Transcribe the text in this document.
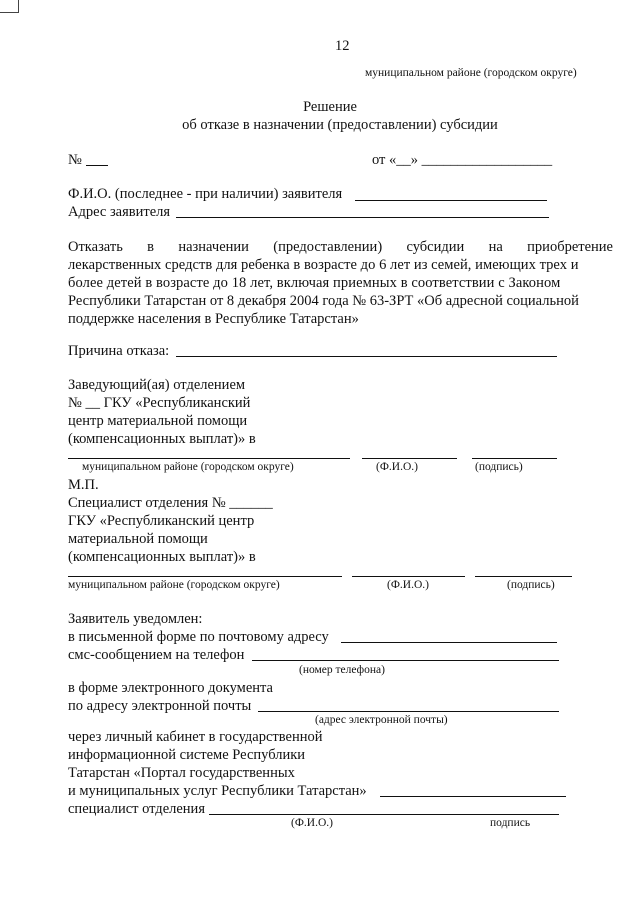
12
муниципальном районе (городском округе)
Решение
об отказе в назначении (предоставлении) субсидии
№	от «__» __________________
Ф.И.О. (последнее - при наличии) заявителя
Адрес заявителя
Отказать в назначении (предоставлении) субсидии на приобретение
лекарственных средств для ребенка в возрасте до 6 лет из семей, имеющих трех и
более детей в возрасте до 18 лет, включая приемных в соответствии с Законом
Республики Татарстан от 8 декабря 2004 года № 63-ЗРТ «Об адресной социальной
поддержке населения в Республике Татарстан»
Причина отказа:
Заведующий(ая) отделением
№ __ ГКУ «Республиканский
центр материальной помощи
(компенсационных выплат)» в
муниципальном районе (городском округе)	(Ф.И.О.)	(подпись)
М.П.
Специалист отделения № ______
ГКУ «Республиканский центр
материальной помощи
(компенсационных выплат)» в
муниципальном районе (городском округе)	(Ф.И.О.)	(подпись)
Заявитель уведомлен:
в письменной форме по почтовому адресу
смс-сообщением на телефон
(номер телефона)
в форме электронного документа
по адресу электронной почты
(адрес электронной почты)
через личный кабинет в государственной
информационной системе Республики
Татарстан «Портал государственных
и муниципальных услуг Республики Татарстан»
специалист отделения
(Ф.И.О.)	подпись
